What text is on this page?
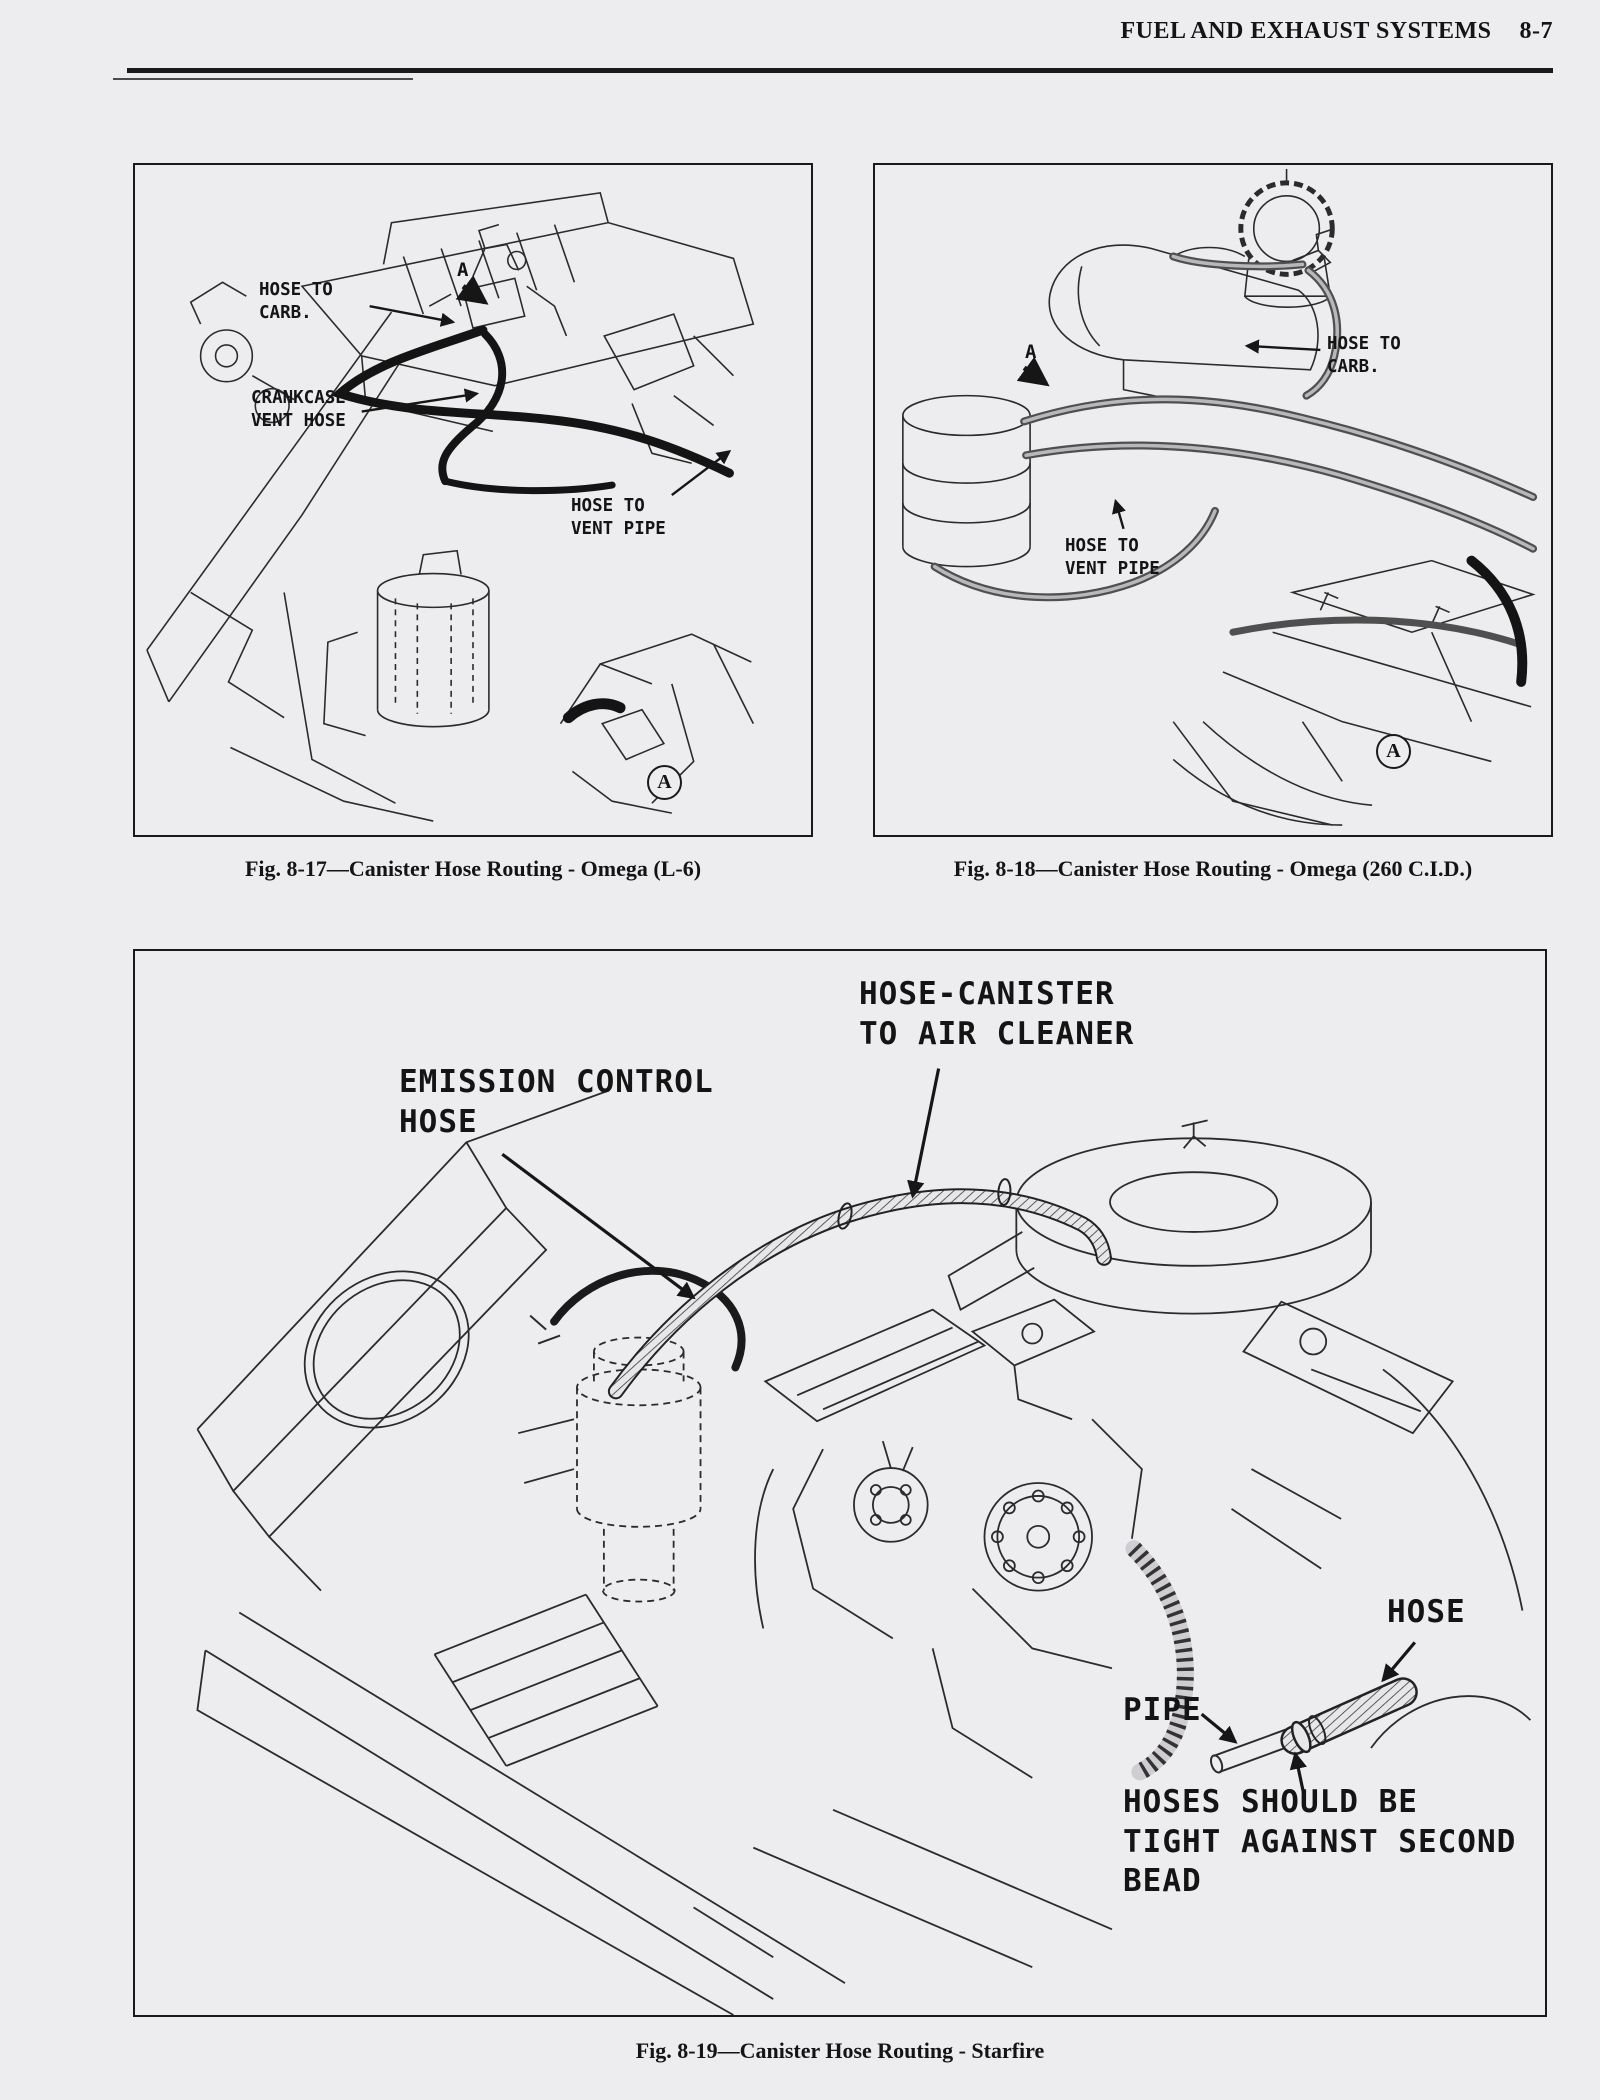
FUEL AND EXHAUST SYSTEMS 8-7
HOSE TO
CARB.
CRANKCASE
VENT HOSE
HOSE TO
VENT PIPE
A
A
Fig. 8-17—Canister Hose Routing - Omega (L-6)
HOSE TO
CARB.
HOSE TO
VENT PIPE
A
A
Fig. 8-18—Canister Hose Routing - Omega (260 C.I.D.)
EMISSION CONTROL
HOSE
HOSE-CANISTER
TO AIR CLEANER
HOSE
PIPE
HOSES SHOULD BE
TIGHT AGAINST SECOND
BEAD
Fig. 8-19—Canister Hose Routing - Starfire
